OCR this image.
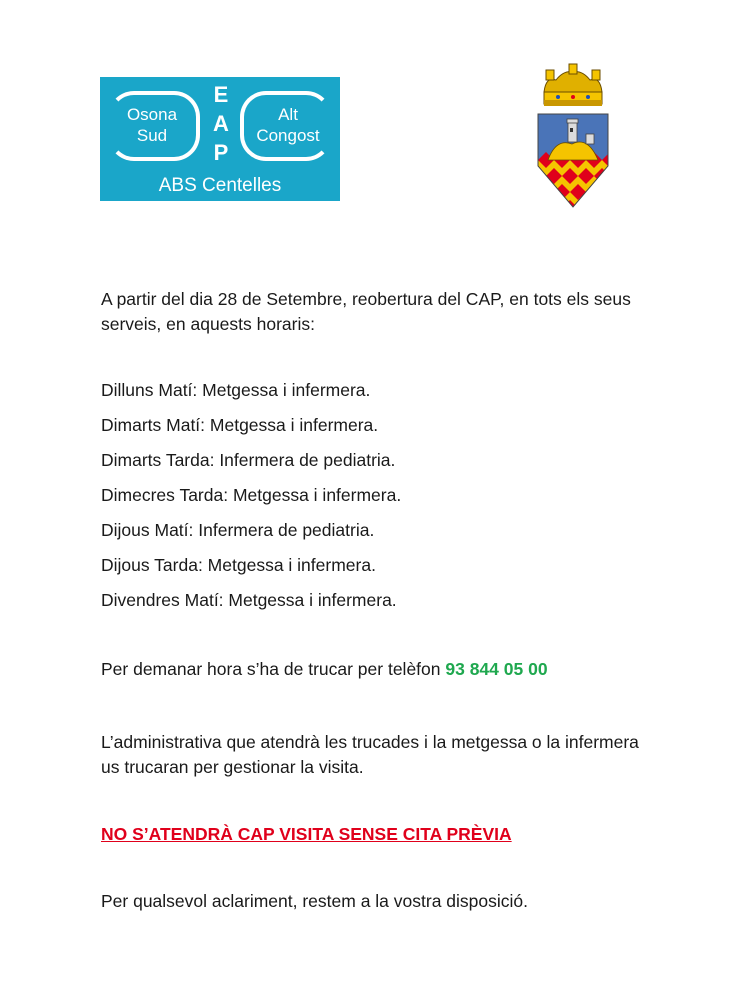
Osona
Sud
E
A
P
Alt
Congost
ABS Centelles
A partir del dia 28 de Setembre, reobertura del CAP, en tots els seus serveis, en aquests horaris:
Dilluns Matí: Metgessa i infermera.
Dimarts Matí: Metgessa i infermera.
Dimarts Tarda: Infermera de pediatria.
Dimecres Tarda: Metgessa i infermera.
Dijous Matí: Infermera de pediatria.
Dijous Tarda: Metgessa i infermera.
Divendres Matí: Metgessa i infermera.
Per demanar hora s’ha de trucar per telèfon 93 844 05 00
L’administrativa que atendrà les trucades i la metgessa o la infermera us trucaran per gestionar la visita.
NO S’ATENDRÀ CAP VISITA SENSE CITA PRÈVIA
Per qualsevol aclariment, restem a la vostra disposició.
